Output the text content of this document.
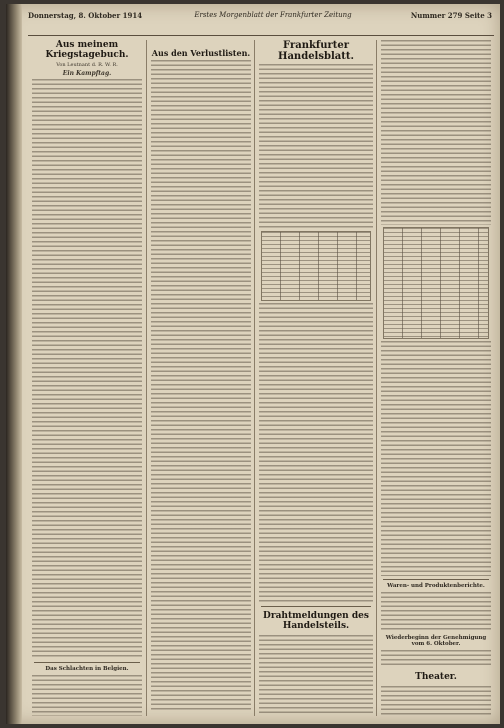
Donnerstag, 8. Oktober 1914	Erstes Morgenblatt der Frankfurter Zeitung	Nummer 279 Seite 3
Aus meinem Kriegstagebuch.
Von Leutnant d. R. W. R.
Ein Kampftag.
Das Schlachten in Belgien.
Aus den Verlustlisten.
Frankfurter Handelsblatt.
Drahtmeldungen des Handelsteils.
Waren- und Produktenberichte.
Wiederbeginn der Genehmigung vom 6. Oktober.
Theater.
